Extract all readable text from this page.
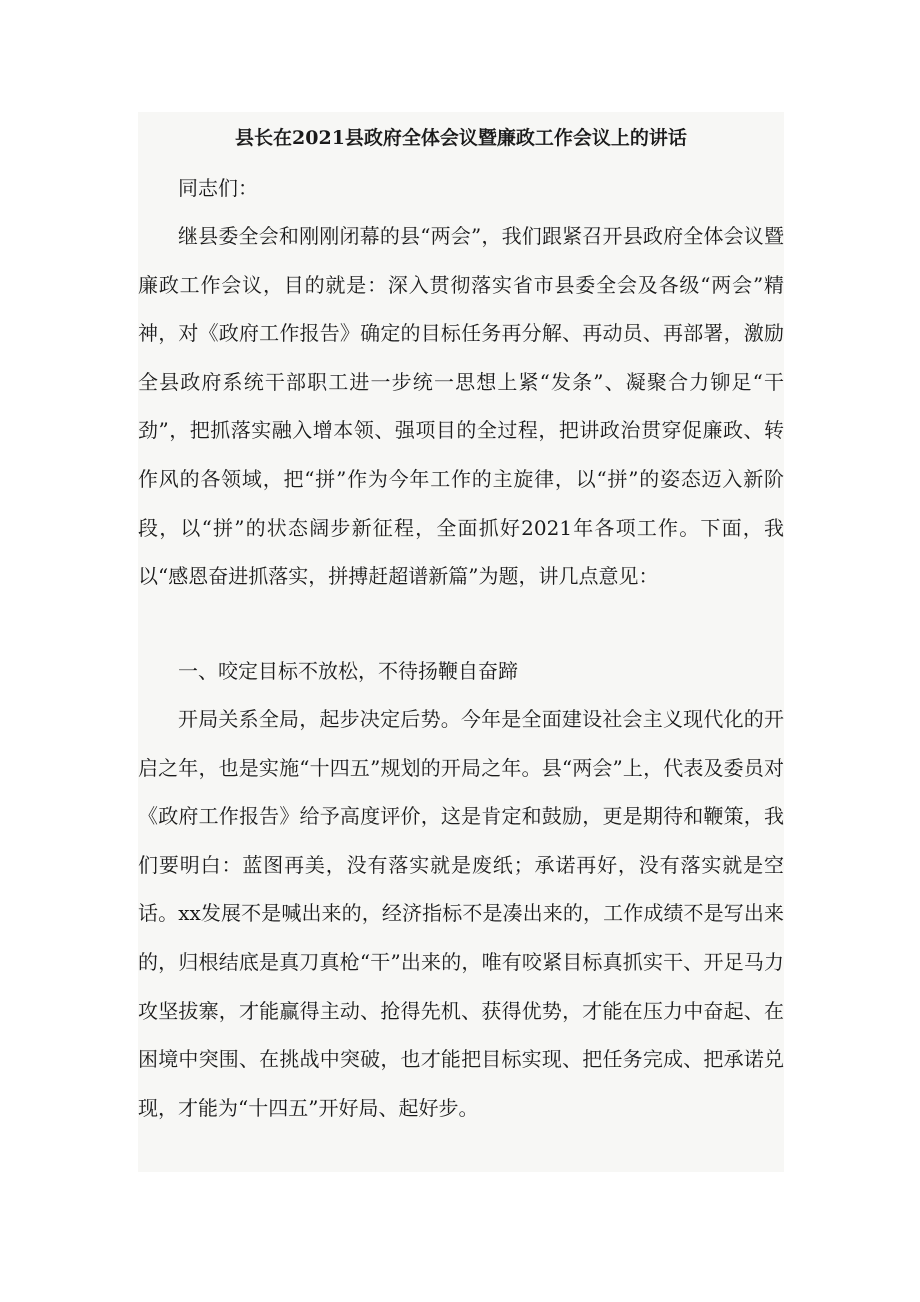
县长在2021县政府全体会议暨廉政工作会议上的讲话

同志们：

继县委全会和刚刚闭幕的县“两会”，我们跟紧召开县政府全体会议暨廉政工作会议，目的就是：深入贯彻落实省市县委全会及各级“两会”精神，对《政府工作报告》确定的目标任务再分解、再动员、再部署，激励全县政府系统干部职工进一步统一思想上紧“发条”、凝聚合力铆足“干劲”，把抓落实融入增本领、强项目的全过程，把讲政治贯穿促廉政、转作风的各领域，把“拼”作为今年工作的主旋律，以“拼”的姿态迈入新阶段，以“拼”的状态阔步新征程，全面抓好2021年各项工作。下面，我以“感恩奋进抓落实，拼搏赶超谱新篇”为题，讲几点意见：

一、咬定目标不放松，不待扬鞭自奋蹄

开局关系全局，起步决定后势。今年是全面建设社会主义现代化的开启之年，也是实施“十四五”规划的开局之年。县“两会”上，代表及委员对《政府工作报告》给予高度评价，这是肯定和鼓励，更是期待和鞭策，我们要明白：蓝图再美，没有落实就是废纸；承诺再好，没有落实就是空话。xx发展不是喊出来的，经济指标不是凑出来的，工作成绩不是写出来的，归根结底是真刀真枪“干”出来的，唯有咬紧目标真抓实干、开足马力攻坚拔寨，才能赢得主动、抢得先机、获得优势，才能在压力中奋起、在困境中突围、在挑战中突破，也才能把目标实现、把任务完成、把承诺兑现，才能为“十四五”开好局、起好步。
